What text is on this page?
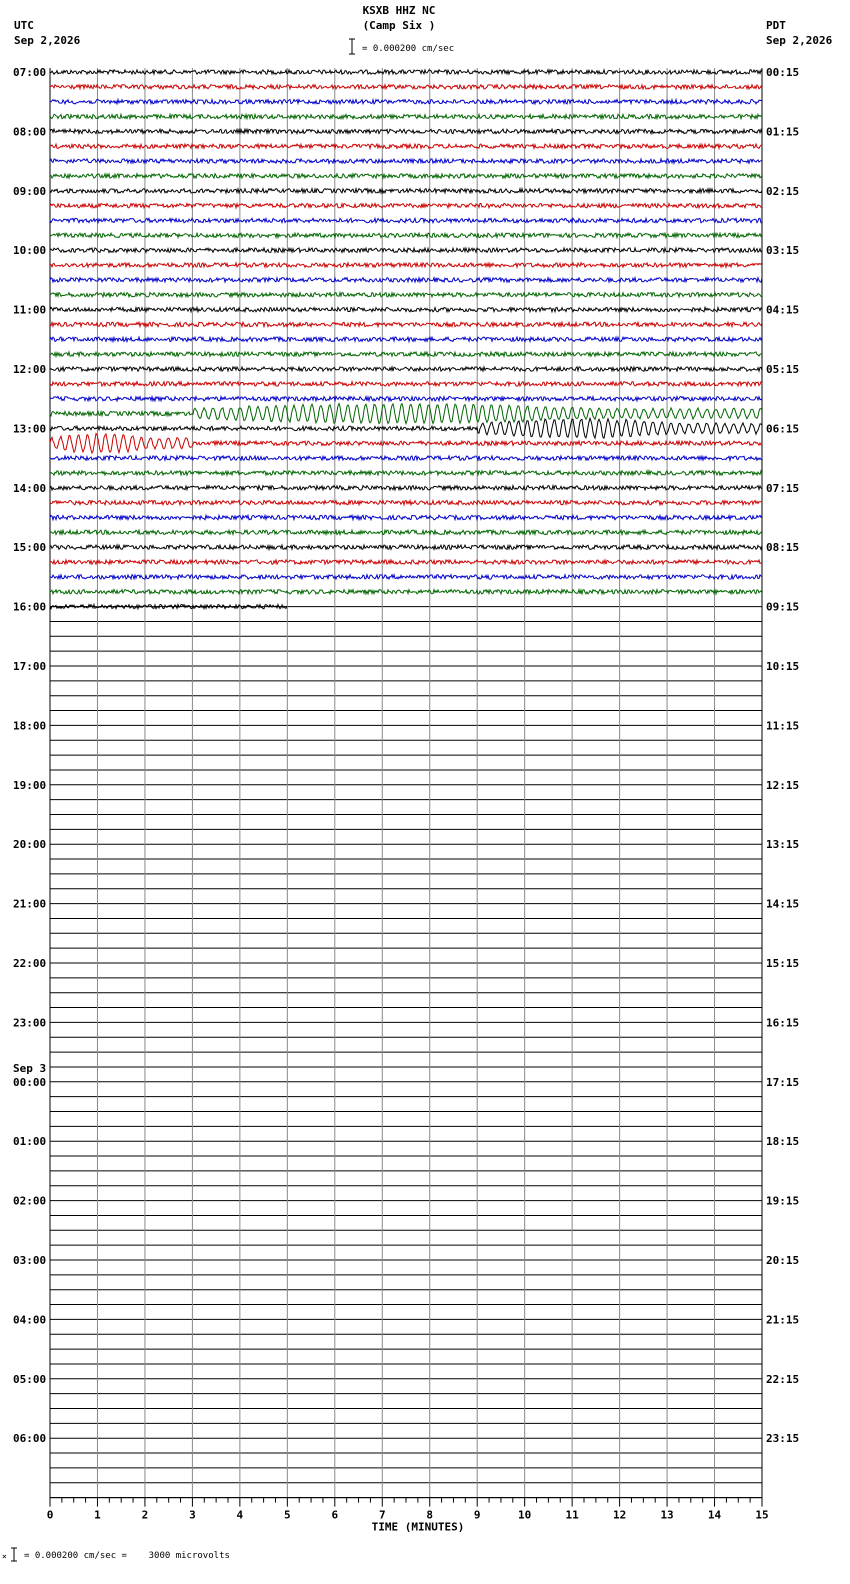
KSXB HHZ NC
(Camp Six )
= 0.000200 cm/sec
UTC
Sep 2,2026
PDT
Sep 2,2026
0	1	2	3	4	5	6	7	8	9	10	11	12	13	14	15
07:00
08:00
09:00
10:00
11:00
12:00
13:00
14:00
15:00
16:00
17:00
18:00
19:00
20:00
21:00
22:00
23:00
00:00
Sep 3
01:00
02:00
03:00
04:00
05:00
06:00
00:15
01:15
02:15
03:15
04:15
05:15
06:15
07:15
08:15
09:15
10:15
11:15
12:15
13:15
14:15
15:15
16:15
17:15
18:15
19:15
20:15
21:15
22:15
23:15
TIME (MINUTES)
× = 0.000200 cm/sec =    3000 microvolts
